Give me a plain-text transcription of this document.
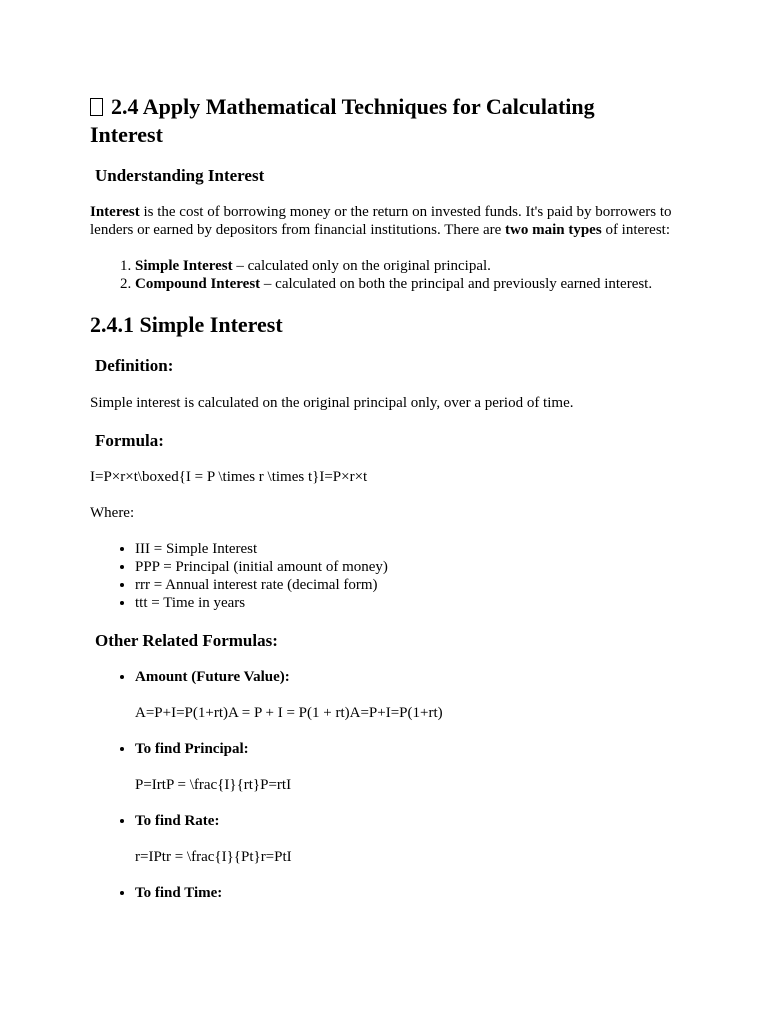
2.4 Apply Mathematical Techniques for Calculating Interest
Understanding Interest

Interest is the cost of borrowing money or the return on invested funds. It's paid by borrowers to lenders or earned by depositors from financial institutions. There are two main types of interest:

1. Simple Interest – calculated only on the original principal.
2. Compound Interest – calculated on both the principal and previously earned interest.
2.4.1 Simple Interest
Definition:

Simple interest is calculated on the original principal only, over a period of time.

Formula:

I=P×r×t\boxed{I = P \times r \times t}I=P×r×t

Where:

• III = Simple Interest
• PPP = Principal (initial amount of money)
• rrr = Annual interest rate (decimal form)
• ttt = Time in years
Other Related Formulas:
• Amount (Future Value):
A=P+I=P(1+rt)A = P + I = P(1 + rt)A=P+I=P(1+rt)
• To find Principal:
P=IrtP = \frac{I}{rt}P=rtI
• To find Rate:
r=IPtr = \frac{I}{Pt}r=PtI
• To find Time:
